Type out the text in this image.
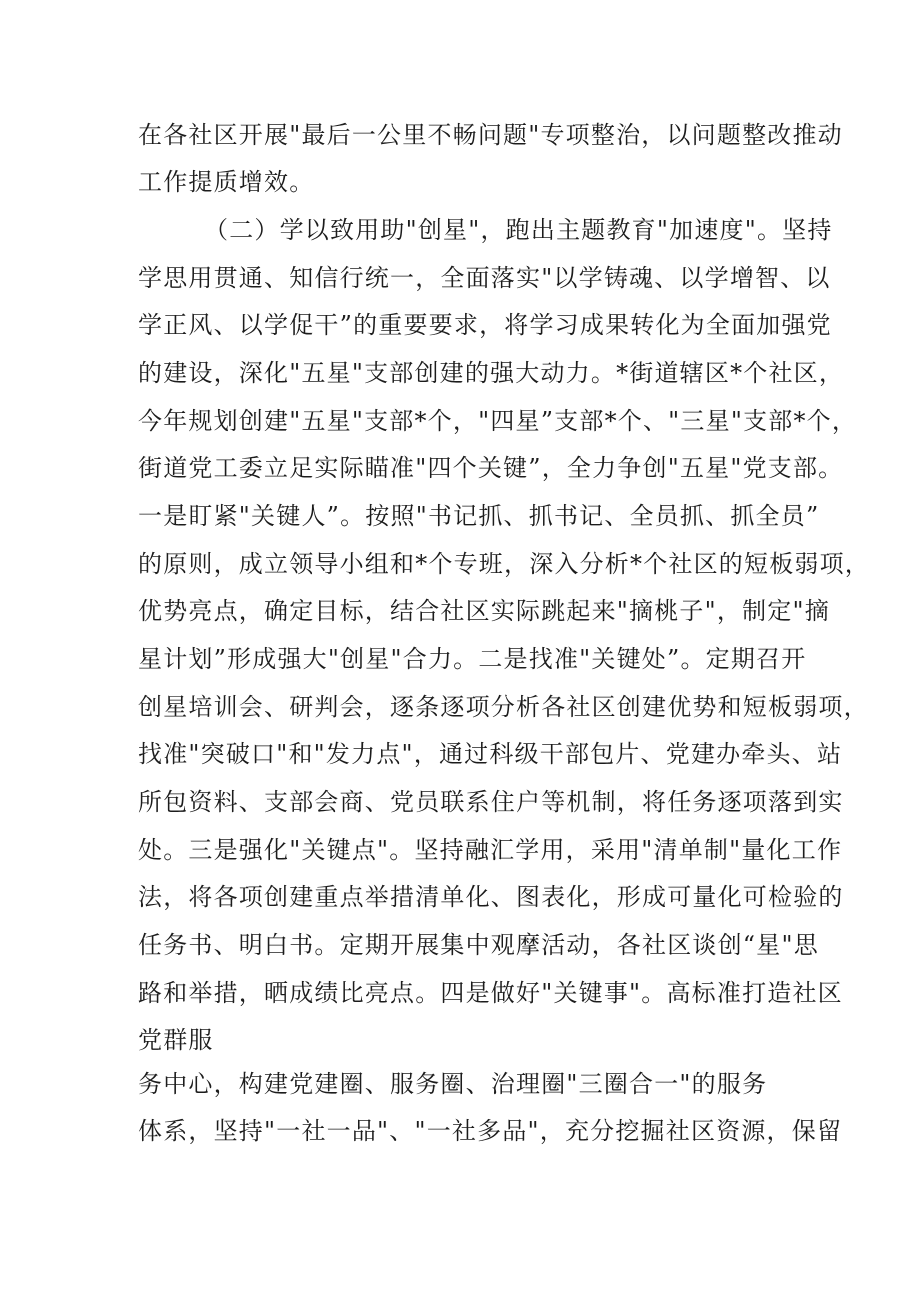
在各社区开展"最后一公里不畅问题"专项整治，以问题整改推动
工作提质增效。
（二）学以致用助"创星"，跑出主题教育"加速度"。坚持
学思用贯通、知信行统一，全面落实"以学铸魂、以学增智、以
学正风、以学促干”的重要要求，将学习成果转化为全面加强党
的建设，深化"五星"支部创建的强大动力。*街道辖区*个社区，
今年规划创建"五星"支部*个，"四星”支部*个、"三星"支部*个，
街道党工委立足实际瞄准"四个关键”，全力争创"五星"党支部。
一是盯紧"关键人”。按照"书记抓、抓书记、全员抓、抓全员”
的原则，成立领导小组和*个专班，深入分析*个社区的短板弱项，
优势亮点，确定目标，结合社区实际跳起来"摘桃子"，制定"摘
星计划”形成强大"创星"合力。二是找准"关键处”。定期召开
创星培训会、研判会，逐条逐项分析各社区创建优势和短板弱项，
找准"突破口"和"发力点"，通过科级干部包片、党建办牵头、站
所包资料、支部会商、党员联系住户等机制，将任务逐项落到实
处。三是强化"关键点"。坚持融汇学用，采用"清单制"量化工作
法，将各项创建重点举措清单化、图表化，形成可量化可检验的
任务书、明白书。定期开展集中观摩活动，各社区谈创“星"思
路和举措，晒成绩比亮点。四是做好"关键事"。高标准打造社区
党群服
务中心，构建党建圈、服务圈、治理圈"三圈合一"的服务
体系，坚持"一社一品"、"一社多品"，充分挖掘社区资源，保留
